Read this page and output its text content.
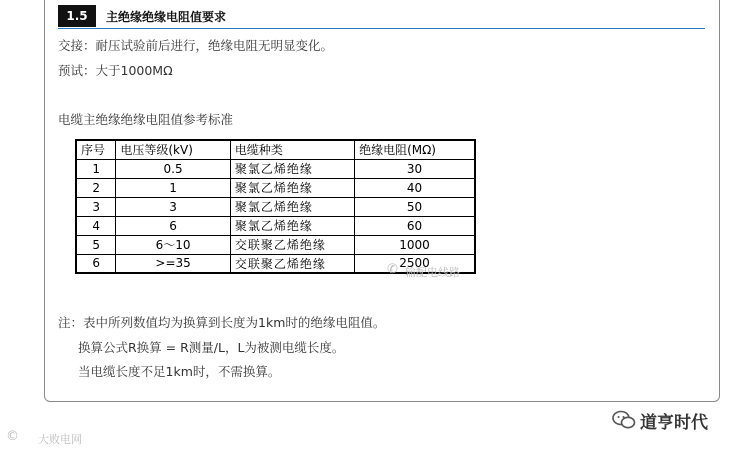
1.5	主绝缘绝缘电阻值要求
交接：耐压试验前后进行，绝缘电阻无明显变化。
预试：大于1000MΩ
电缆主绝缘绝缘电阻值参考标准
序号	电压等级(kV)	电缆种类	绝缘电阻(MΩ)
1	0.5	聚氯乙烯绝缘	30
2	1	聚氯乙烯绝缘	40
3	3	聚氯乙烯绝缘	50
4	6	聚氯乙烯绝缘	60
5	6～10	交联聚乙烯绝缘	1000
6	>=35	交联聚乙烯绝缘	2500
✆ 输配电线路
注：表中所列数值均为换算到长度为1km时的绝缘电阻值。
换算公式R换算 = R测量/L，L为被测电缆长度。
当电缆长度不足1km时，不需换算。
© 大败电网
道亨时代
